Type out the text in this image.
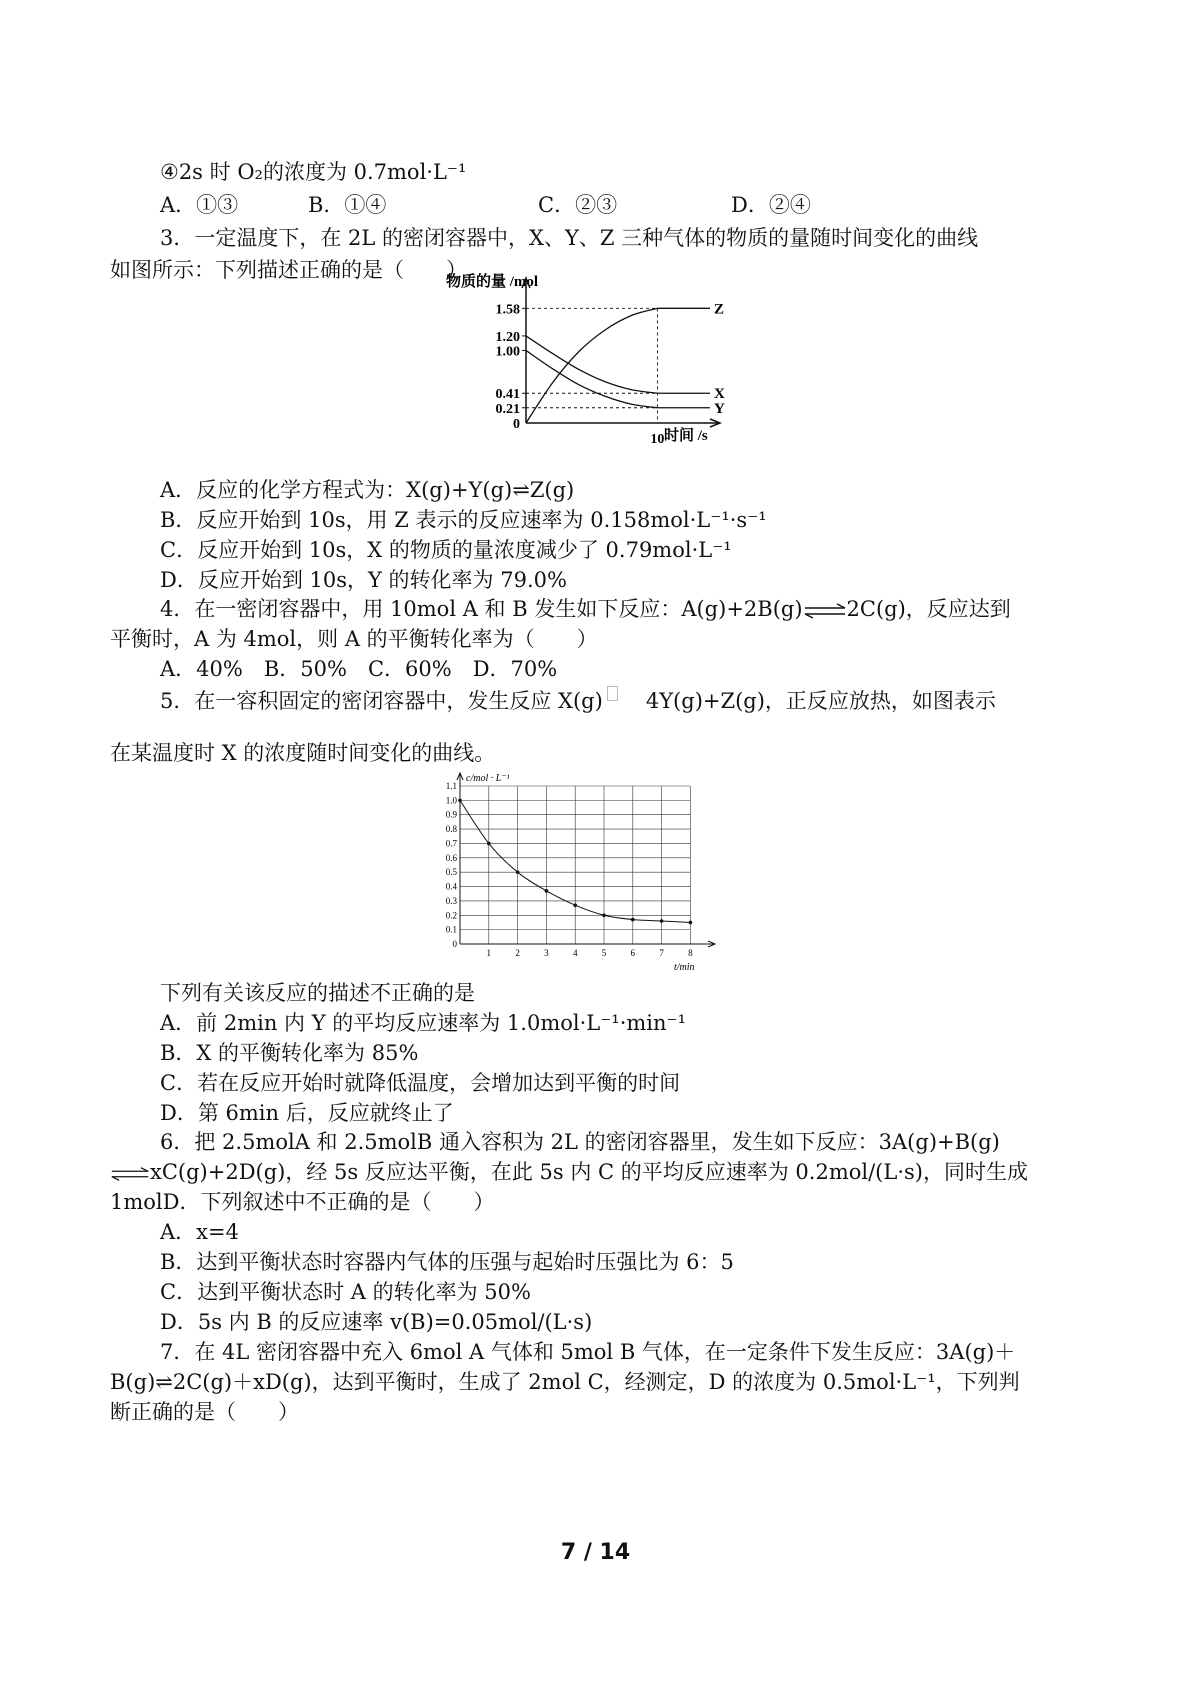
④2s 时 O₂的浓度为 0.7mol·L⁻¹
A．①③	B．①④	C．②③	D．②④
3．一定温度下，在 2L 的密闭容器中，X、Y、Z 三种气体的物质的量随时间变化的曲线
如图所示：下列描述正确的是（　　）
物质的量 /mol
时间 /s
0.21
0.41
1.00
1.20
1.58
0
10
Z
X
Y
A．反应的化学方程式为：X(g)+Y(g)⇌Z(g)
B．反应开始到 10s，用 Z 表示的反应速率为 0.158mol·L⁻¹·s⁻¹
C．反应开始到 10s，X 的物质的量浓度减少了 0.79mol·L⁻¹
D．反应开始到 10s，Y 的转化率为 79.0%
4．在一密闭容器中，用 10mol A 和 B 发生如下反应：A(g)+2B(g)⇌2C(g)，反应达到
平衡时，A 为 4mol，则 A 的平衡转化率为（　　）
A．40%　B．50%　C．60%　D．70%
5．在一容积固定的密闭容器中，发生反应 X(g) 4Y(g)+Z(g)，正反应放热，如图表示
在某温度时 X 的浓度随时间变化的曲线。
c/mol · L⁻¹
t/min
0
0.1
0.2
0.3
0.4
0.5
0.6
0.7
0.8
0.9
1.0
1.1
1	2	3	4	5	6	7	8
下列有关该反应的描述不正确的是
A．前 2min 内 Y 的平均反应速率为 1.0mol·L⁻¹·min⁻¹
B．X 的平衡转化率为 85%
C．若在反应开始时就降低温度，会增加达到平衡的时间
D．第 6min 后，反应就终止了
6．把 2.5molA 和 2.5molB 通入容积为 2L 的密闭容器里，发生如下反应：3A(g)+B(g)
⇌xC(g)+2D(g)，经 5s 反应达平衡，在此 5s 内 C 的平均反应速率为 0.2mol/(L·s)，同时生成
1molD．下列叙述中不正确的是（　　）
A．x=4
B．达到平衡状态时容器内气体的压强与起始时压强比为 6：5
C．达到平衡状态时 A 的转化率为 50%
D．5s 内 B 的反应速率 v(B)=0.05mol/(L·s)
7．在 4L 密闭容器中充入 6mol A 气体和 5mol B 气体，在一定条件下发生反应：3A(g)＋
B(g)⇌2C(g)＋xD(g)，达到平衡时，生成了 2mol C，经测定，D 的浓度为 0.5mol·L⁻¹，下列判
断正确的是（　　）
7 / 14
